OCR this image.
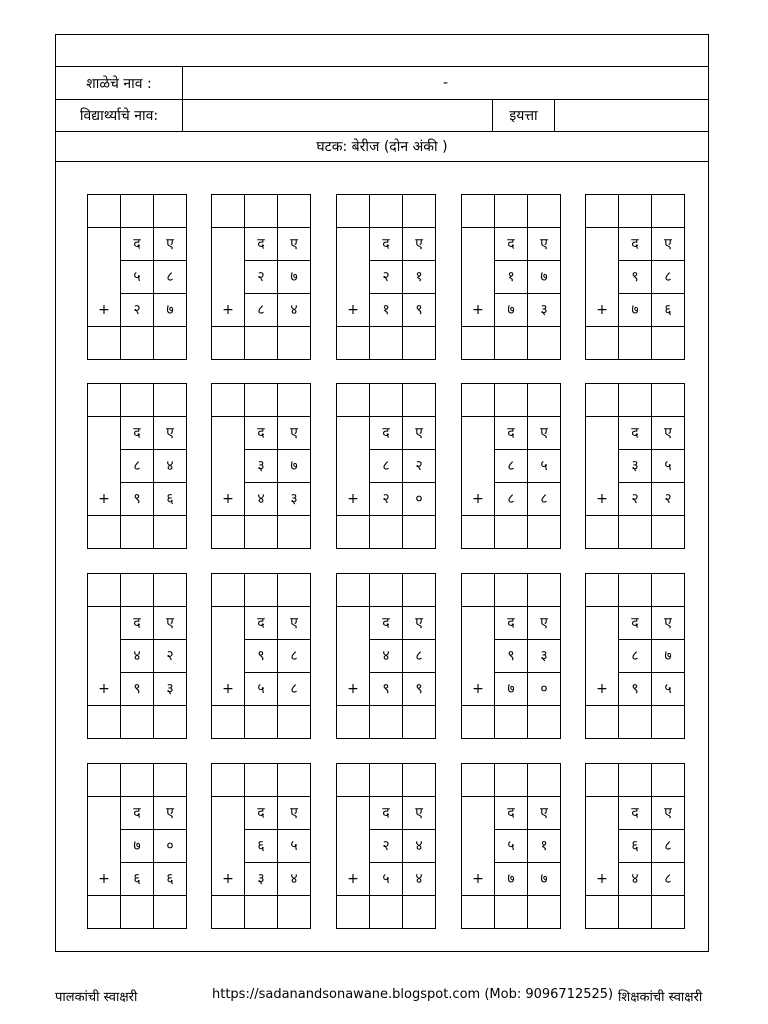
शाळेचे नाव :	-
विद्यार्थ्याचे नाव:	इयत्ता
घटक: बेरीज (दोन अंकी )

	द	ए
	५	८
+	२	७

	द	ए
	२	७
+	८	४

	द	ए
	२	१
+	१	९

	द	ए
	१	७
+	७	३

	द	ए
	९	८
+	७	६

	द	ए
	८	४
+	९	६

	द	ए
	३	७
+	४	३

	द	ए
	८	२
+	२	०

	द	ए
	८	५
+	८	८

	द	ए
	३	५
+	२	२

	द	ए
	४	२
+	९	३

	द	ए
	९	८
+	५	८

	द	ए
	४	८
+	९	९

	द	ए
	९	३
+	७	०

	द	ए
	८	७
+	९	५

	द	ए
	७	०
+	६	६

	द	ए
	६	५
+	३	४

	द	ए
	२	४
+	५	४

	द	ए
	५	१
+	७	७

	द	ए
	६	८
+	४	८

पालकांची स्वाक्षरी	https://sadanandsonawane.blogspot.com (Mob: 9096712525) शिक्षकांची स्वाक्षरी
